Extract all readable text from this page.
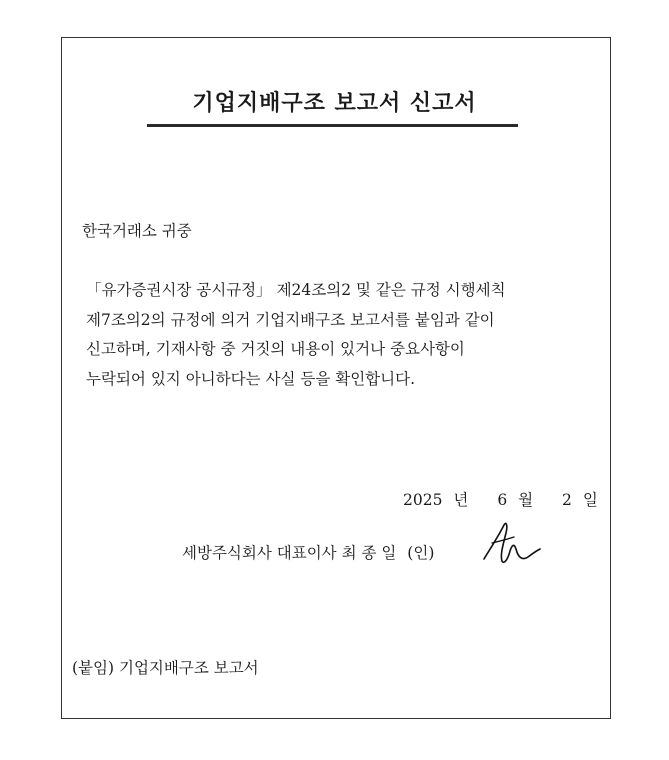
기업지배구조 보고서 신고서
한국거래소 귀중
「유가증권시장 공시규정」 제24조의2 및 같은 규정 시행세칙
제7조의2의 규정에 의거 기업지배구조 보고서를 붙임과 같이
신고하며, 기재사항 중 거짓의 내용이 있거나 중요사항이
누락되어 있지 아니하다는 사실 등을 확인합니다.
2025 년 6 월 2 일
세방주식회사 대표이사 최 종 일 (인)
(붙임) 기업지배구조 보고서
